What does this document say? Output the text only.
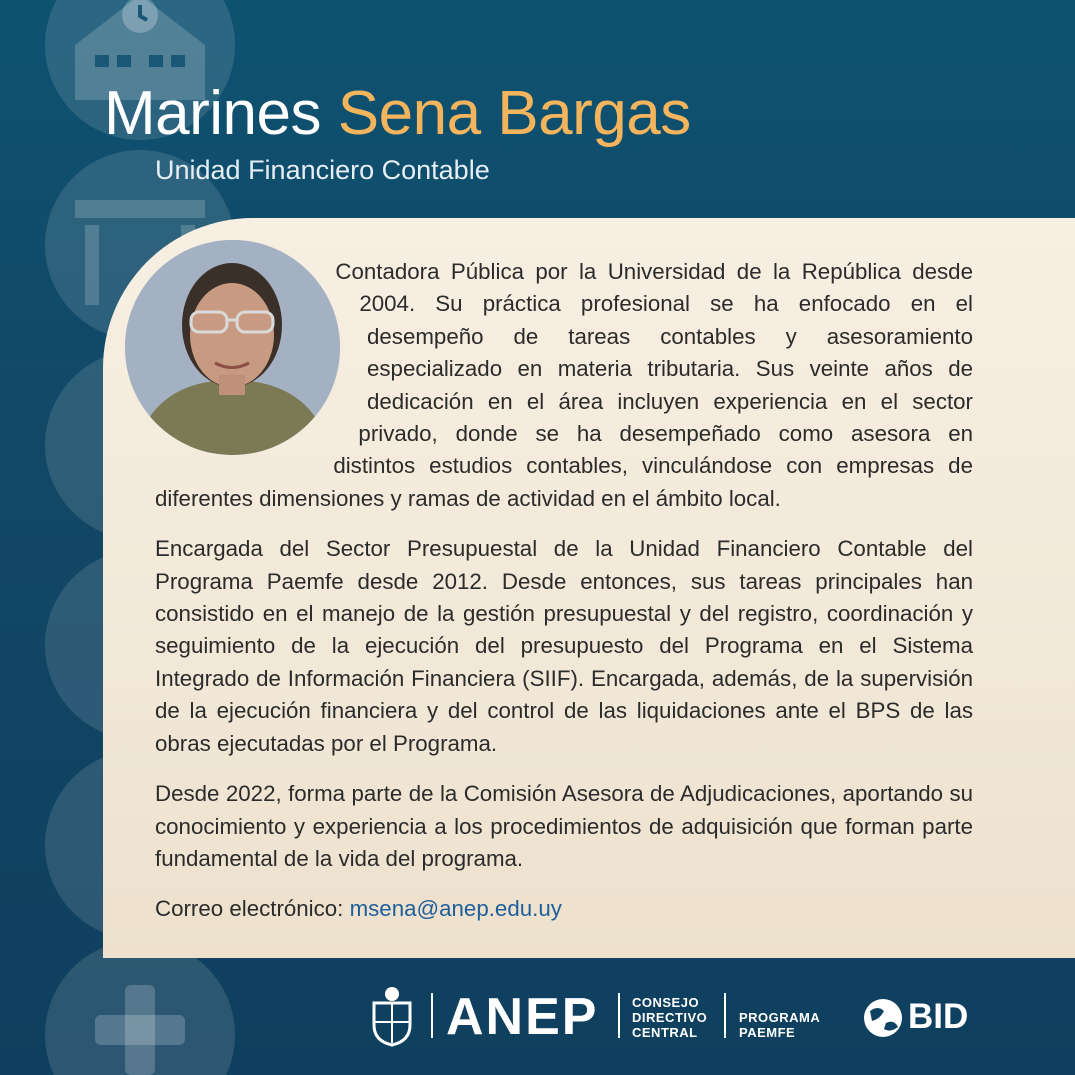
Marines Sena Bargas
Unidad Financiero Contable

Contadora Pública por la Universidad de la República desde 2004. Su práctica profesional se ha enfocado en el desempeño de tareas contables y asesoramiento especializado en materia tributaria. Sus veinte años de dedicación en el área incluyen experiencia en el sector privado, donde se ha desempeñado como asesora en distintos estudios contables, vinculándose con empresas de diferentes dimensiones y ramas de actividad en el ámbito local.

Encargada del Sector Presupuestal de la Unidad Financiero Contable del Programa Paemfe desde 2012. Desde entonces, sus tareas principales han consistido en el manejo de la gestión presupuestal y del registro, coordinación y seguimiento de la ejecución del presupuesto del Programa en el Sistema Integrado de Información Financiera (SIIF). Encargada, además, de la supervisión de la ejecución financiera y del control de las liquidaciones ante el BPS de las obras ejecutadas por el Programa.

Desde 2022, forma parte de la Comisión Asesora de Adjudicaciones, aportando su conocimiento y experiencia a los procedimientos de adquisición que forman parte fundamental de la vida del programa.

Correo electrónico: msena@anep.edu.uy

ANEP	CONSEJO
DIRECTIVO
CENTRAL
PROGRAMA
PAEMFE	BID
